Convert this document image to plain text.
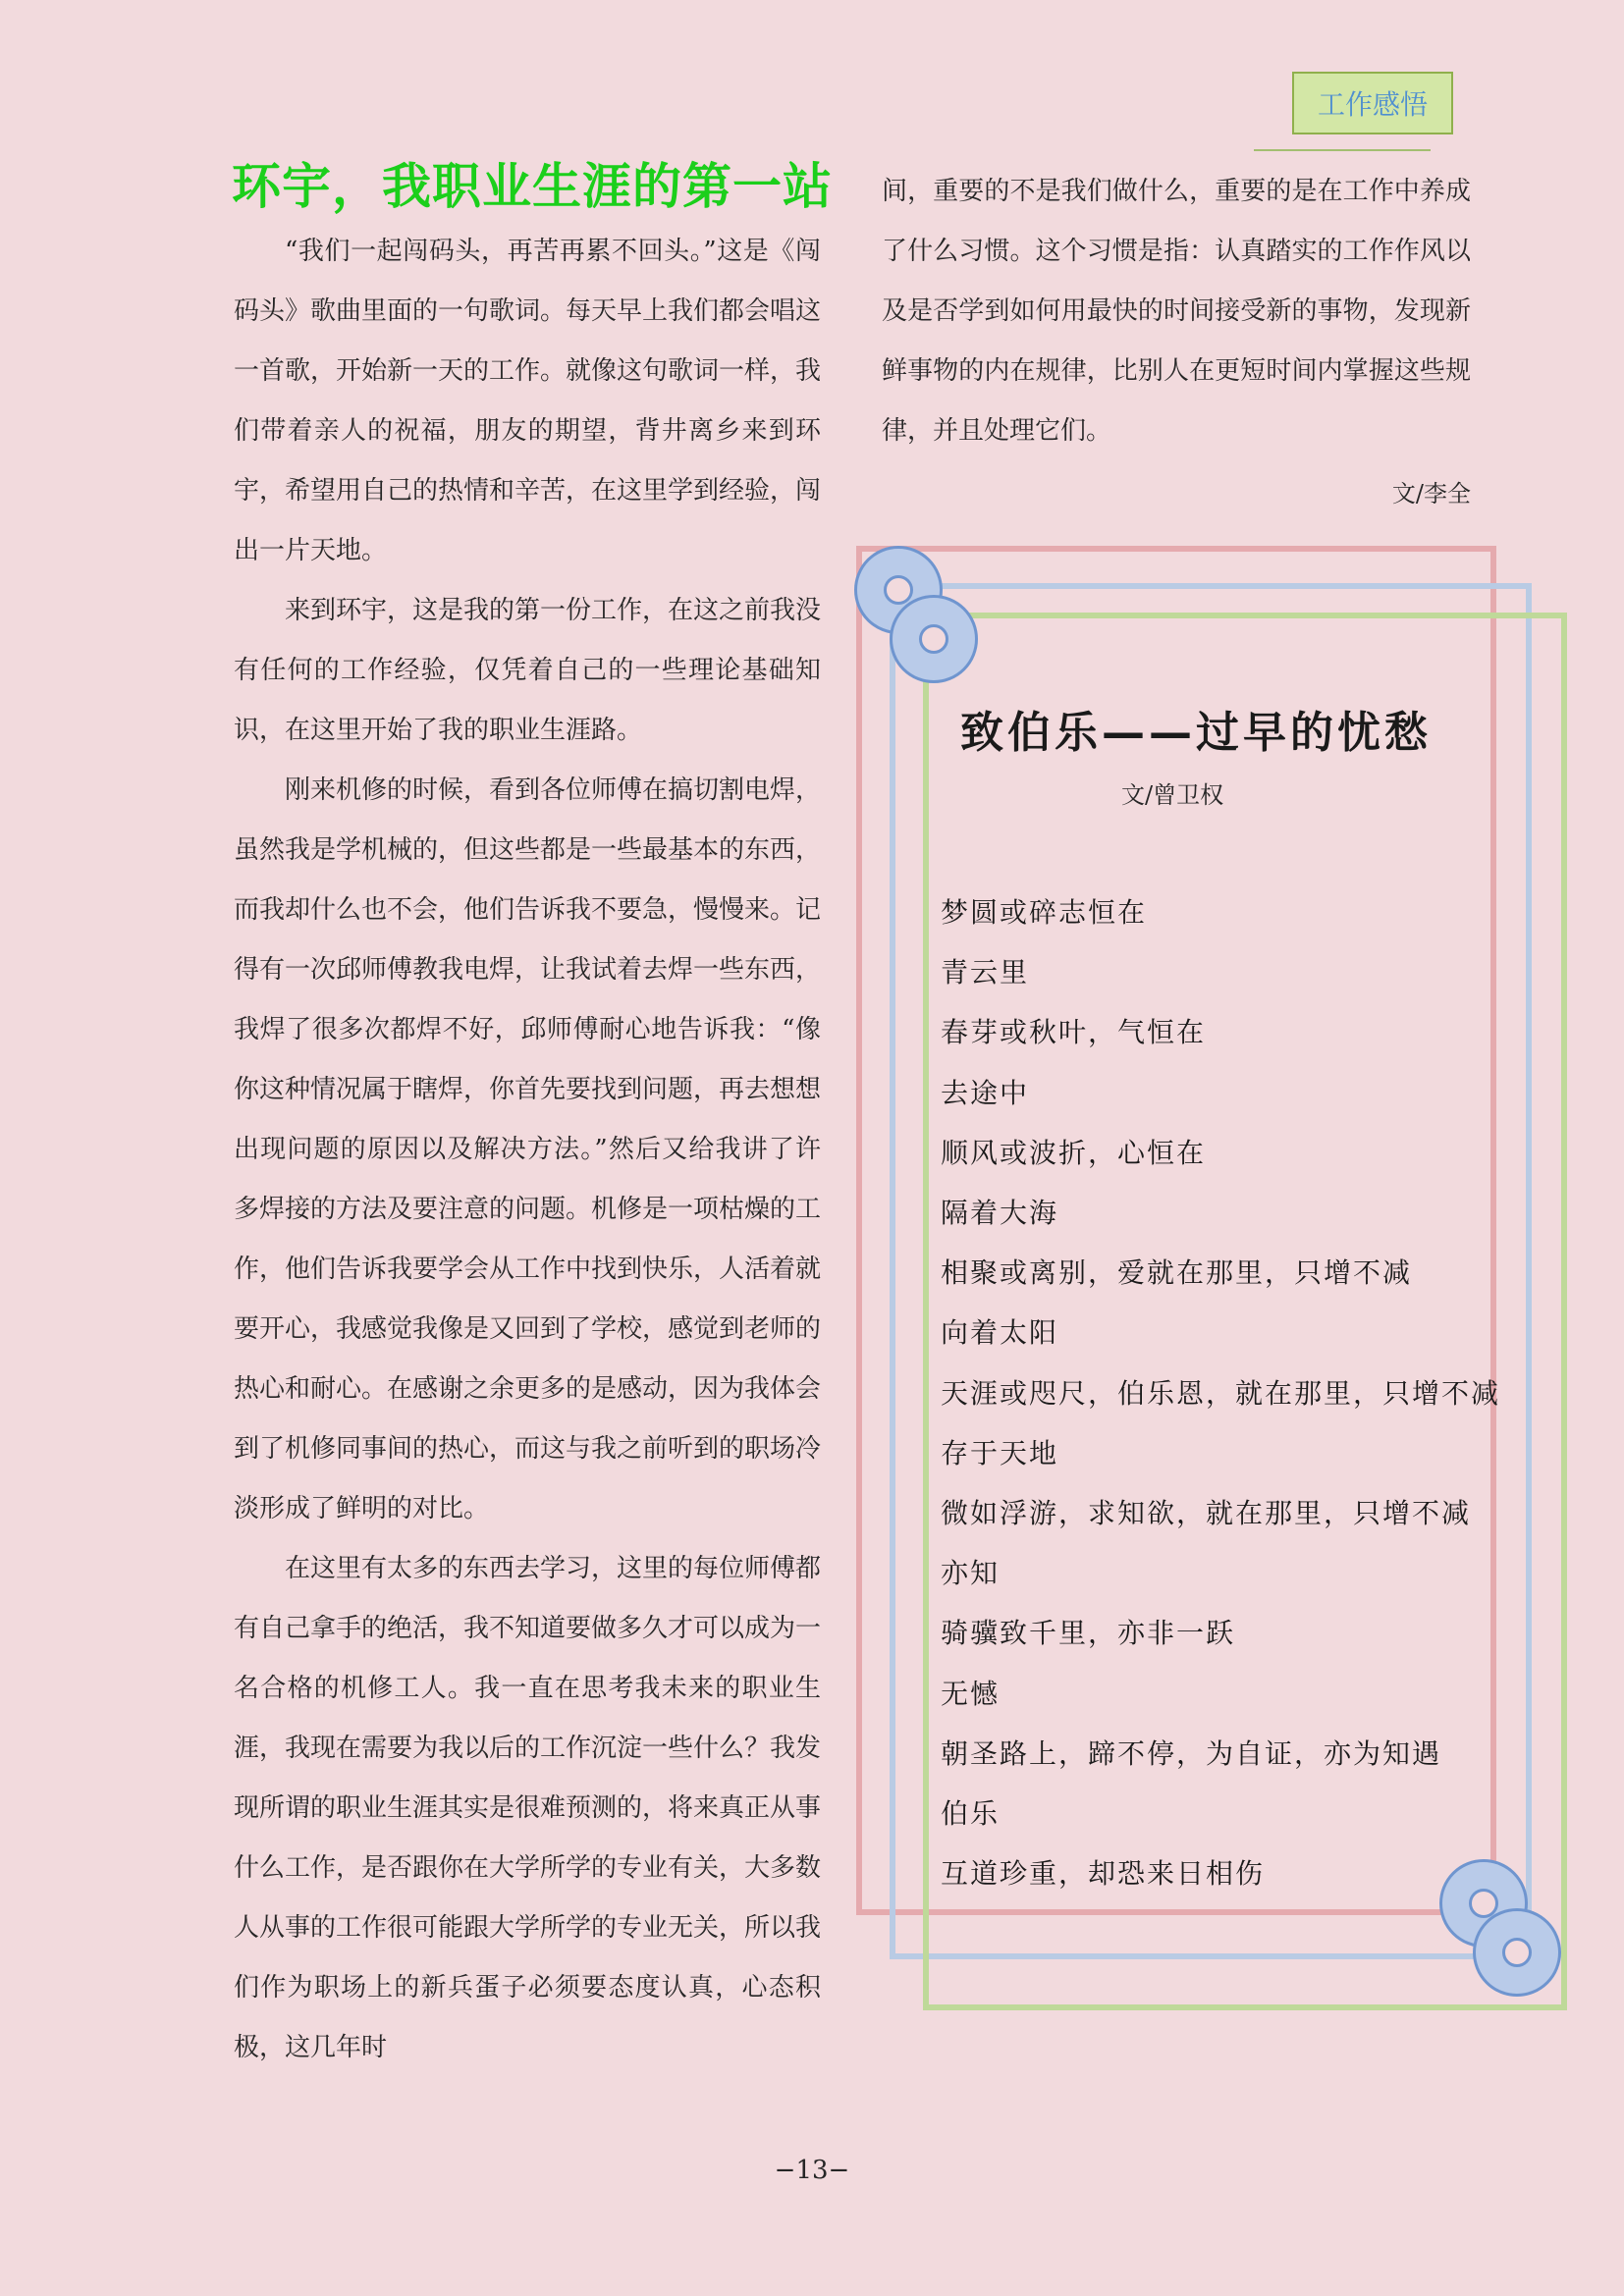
工作感悟
环宇，我职业生涯的第一站

“我们一起闯码头，再苦再累不回头。”这是《闯码头》歌曲里面的一句歌词。每天早上我们都会唱这一首歌，开始新一天的工作。就像这句歌词一样，我们带着亲人的祝福，朋友的期望，背井离乡来到环宇，希望用自己的热情和辛苦，在这里学到经验，闯出一片天地。

来到环宇，这是我的第一份工作，在这之前我没有任何的工作经验，仅凭着自己的一些理论基础知识，在这里开始了我的职业生涯路。

刚来机修的时候，看到各位师傅在搞切割电焊，虽然我是学机械的，但这些都是一些最基本的东西，而我却什么也不会，他们告诉我不要急，慢慢来。记得有一次邱师傅教我电焊，让我试着去焊一些东西，我焊了很多次都焊不好，邱师傅耐心地告诉我：“像你这种情况属于瞎焊，你首先要找到问题，再去想想出现问题的原因以及解决方法。”然后又给我讲了许多焊接的方法及要注意的问题。机修是一项枯燥的工作，他们告诉我要学会从工作中找到快乐，人活着就要开心，我感觉我像是又回到了学校，感觉到老师的热心和耐心。在感谢之余更多的是感动，因为我体会到了机修同事间的热心，而这与我之前听到的职场冷淡形成了鲜明的对比。

在这里有太多的东西去学习，这里的每位师傅都有自己拿手的绝活，我不知道要做多久才可以成为一名合格的机修工人。我一直在思考我未来的职业生涯，我现在需要为我以后的工作沉淀一些什么？我发现所谓的职业生涯其实是很难预测的，将来真正从事什么工作，是否跟你在大学所学的专业有关，大多数人从事的工作很可能跟大学所学的专业无关，所以我们作为职场上的新兵蛋子必须要态度认真，心态积极，这几年时

间，重要的不是我们做什么，重要的是在工作中养成了什么习惯。这个习惯是指：认真踏实的工作作风以及是否学到如何用最快的时间接受新的事物，发现新鲜事物的内在规律，比别人在更短时间内掌握这些规律，并且处理它们。

文/李全
致伯乐——过早的忧愁
文/曾卫权
梦圆或碎志恒在
青云里
春芽或秋叶，气恒在
去途中
顺风或波折，心恒在
隔着大海
相聚或离别，爱就在那里，只增不减
向着太阳
天涯或咫尺，伯乐恩，就在那里，只增不减
存于天地
微如浮游，求知欲，就在那里，只增不减
亦知
骑骥致千里，亦非一跃
无憾
朝圣路上，蹄不停，为自证，亦为知遇
伯乐
互道珍重，却恐来日相伤
−13−
